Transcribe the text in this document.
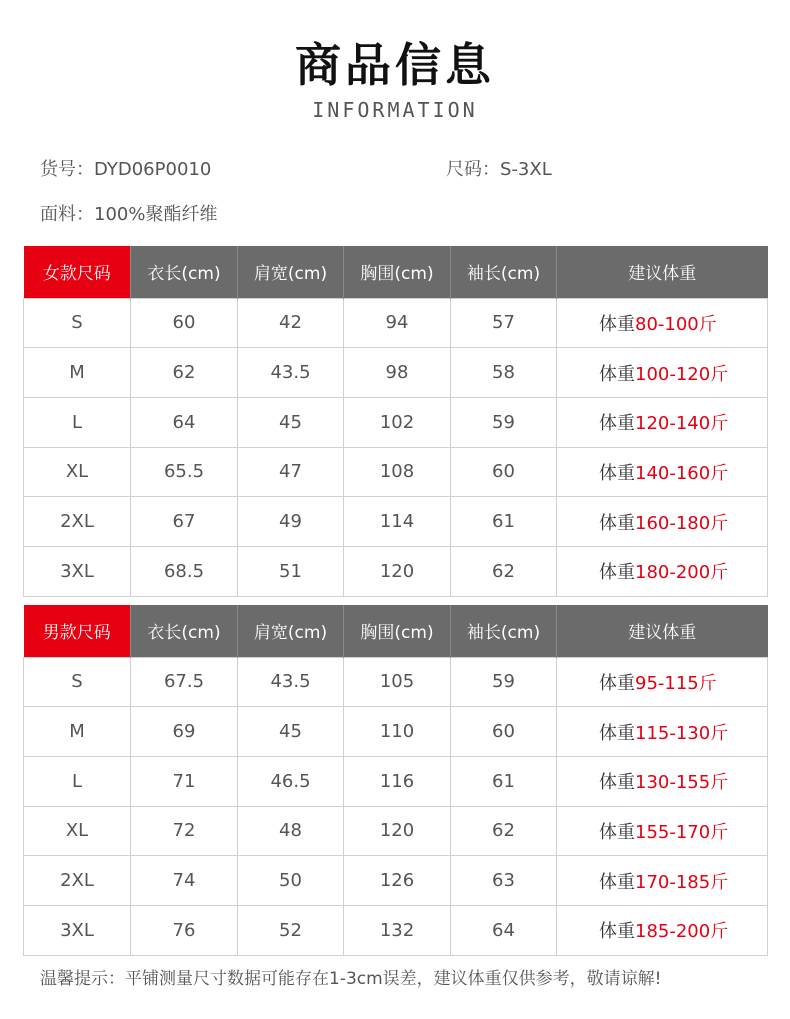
商品信息
INFORMATION
货号：DYD06P0010	尺码：S-3XL
面料：100%聚酯纤维
女款尺码	衣长(cm)	肩宽(cm)	胸围(cm)	袖长(cm)	建议体重
S	60	42	94	57	体重80-100斤
M	62	43.5	98	58	体重100-120斤
L	64	45	102	59	体重120-140斤
XL	65.5	47	108	60	体重140-160斤
2XL	67	49	114	61	体重160-180斤
3XL	68.5	51	120	62	体重180-200斤
男款尺码	衣长(cm)	肩宽(cm)	胸围(cm)	袖长(cm)	建议体重
S	67.5	43.5	105	59	体重95-115斤
M	69	45	110	60	体重115-130斤
L	71	46.5	116	61	体重130-155斤
XL	72	48	120	62	体重155-170斤
2XL	74	50	126	63	体重170-185斤
3XL	76	52	132	64	体重185-200斤
温馨提示：平铺测量尺寸数据可能存在1-3cm误差，建议体重仅供参考，敬请谅解!
